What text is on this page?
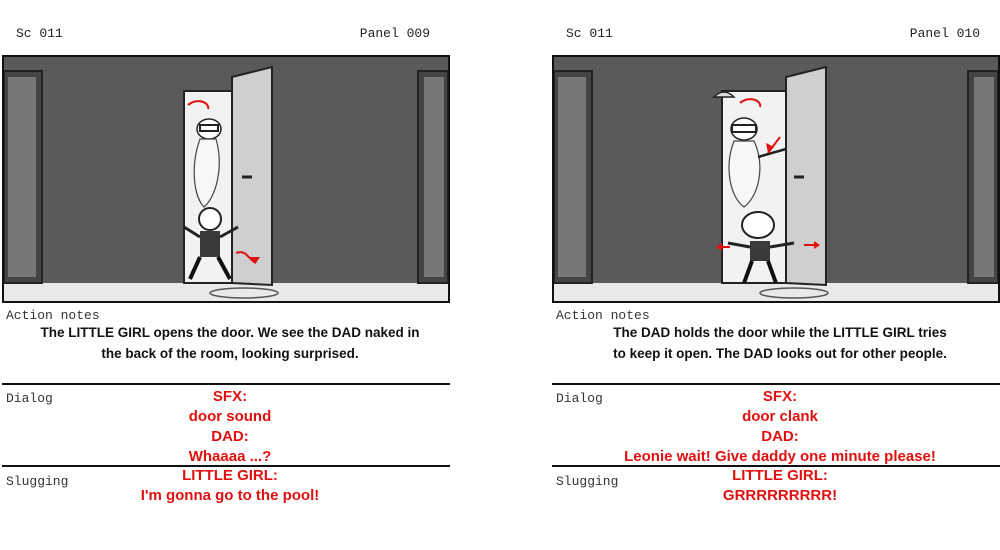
Sc 011	Panel 009
Action notes
The LITTLE GIRL opens the door. We see the DAD naked in
the back of the room, looking surprised.
Dialog	SFX:
door sound
DAD:
Whaaaa ...?
Slugging	LITTLE GIRL:
I'm gonna go to the pool!
Sc 011	Panel 010
Action notes
The DAD holds the door while the LITTLE GIRL tries
to keep it open. The DAD looks out for other people.
Dialog	SFX:
door clank
DAD:
Leonie wait! Give daddy one minute please!
Slugging	LITTLE GIRL:
GRRRRRRRRR!
